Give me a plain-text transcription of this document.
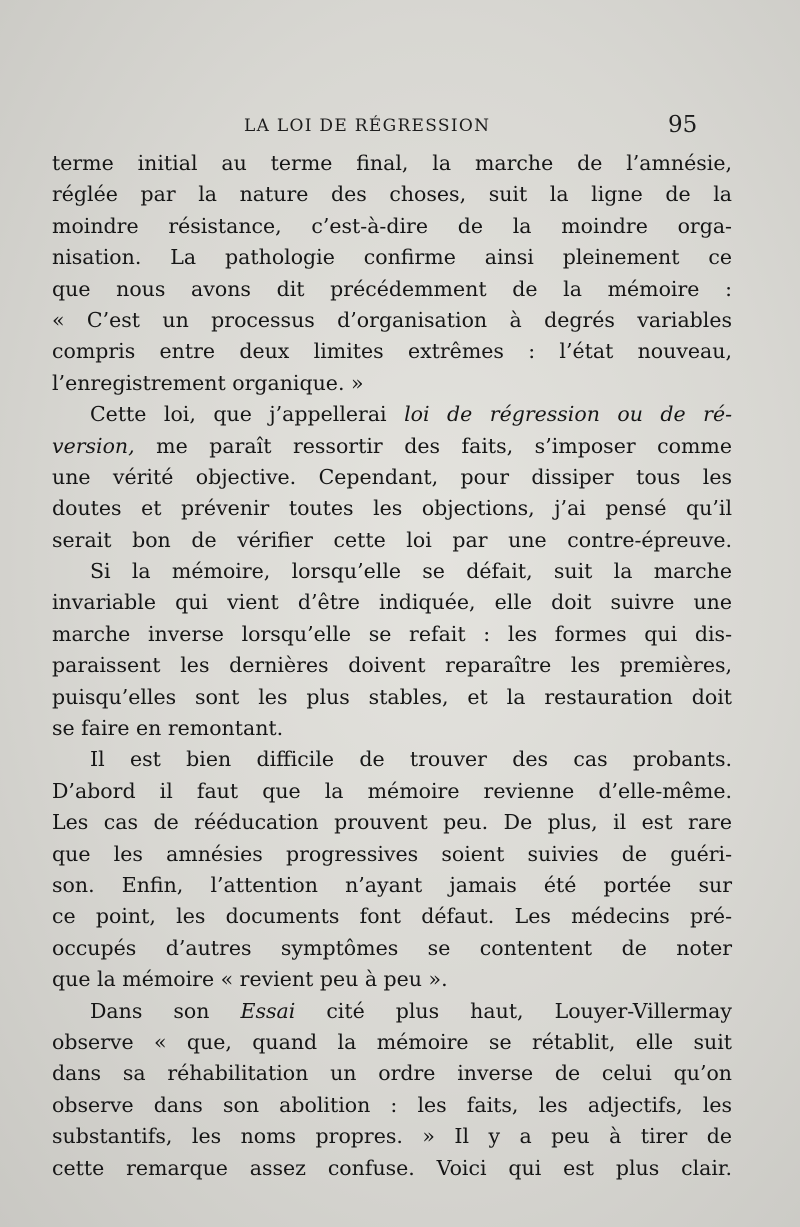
LA LOI DE RÉGRESSION	95
terme initial au terme final, la marche de l’amnésie,
réglée par la nature des choses, suit la ligne de la
moindre résistance, c’est-à-dire de la moindre orga-
nisation. La pathologie confirme ainsi pleinement ce
que nous avons dit précédemment de la mémoire :
« C’est un processus d’organisation à degrés variables
compris entre deux limites extrêmes : l’état nouveau,
l’enregistrement organique. »
Cette loi, que j’appellerai loi de régression ou de ré-
version, me paraît ressortir des faits, s’imposer comme
une vérité objective. Cependant, pour dissiper tous les
doutes et prévenir toutes les objections, j’ai pensé qu’il
serait bon de vérifier cette loi par une contre-épreuve.
Si la mémoire, lorsqu’elle se défait, suit la marche
invariable qui vient d’être indiquée, elle doit suivre une
marche inverse lorsqu’elle se refait : les formes qui dis-
paraissent les dernières doivent reparaître les premières,
puisqu’elles sont les plus stables, et la restauration doit
se faire en remontant.
Il est bien difficile de trouver des cas probants.
D’abord il faut que la mémoire revienne d’elle-même.
Les cas de rééducation prouvent peu. De plus, il est rare
que les amnésies progressives soient suivies de guéri-
son. Enfin, l’attention n’ayant jamais été portée sur
ce point, les documents font défaut. Les médecins pré-
occupés d’autres symptômes se contentent de noter
que la mémoire « revient peu à peu ».
Dans son Essai cité plus haut, Louyer-Villermay
observe « que, quand la mémoire se rétablit, elle suit
dans sa réhabilitation un ordre inverse de celui qu’on
observe dans son abolition : les faits, les adjectifs, les
substantifs, les noms propres. » Il y a peu à tirer de
cette remarque assez confuse. Voici qui est plus clair.
